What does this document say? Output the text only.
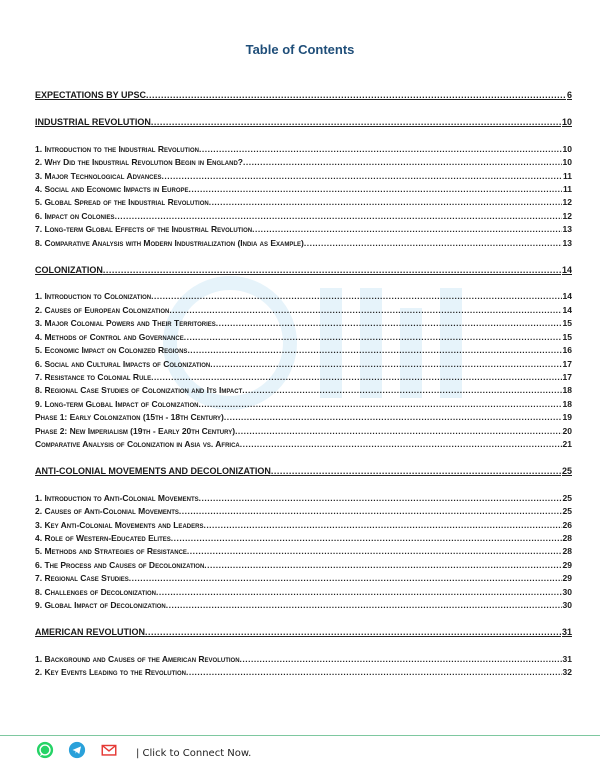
Table of Contents
EXPECTATIONS BY UPSC .....	6
INDUSTRIAL REVOLUTION .....	10
1. Introduction to the Industrial Revolution .....	10
2. Why Did the Industrial Revolution Begin in England? .....	10
3. Major Technological Advances .....	11
4. Social and Economic Impacts in Europe .....	11
5. Global Spread of the Industrial Revolution .....	12
6. Impact on Colonies .....	12
7. Long-term Global Effects of the Industrial Revolution .....	13
8. Comparative Analysis with Modern Industrialization (India as Example) .....	13
COLONIZATION .....	14
1. Introduction to Colonization .....	14
2. Causes of European Colonization .....	14
3. Major Colonial Powers and Their Territories .....	15
4. Methods of Control and Governance .....	15
5. Economic Impact on Colonized Regions .....	16
6. Social and Cultural Impacts of Colonization .....	17
7. Resistance to Colonial Rule .....	17
8. Regional Case Studies of Colonization and Its Impact .....	18
9. Long-term Global Impact of Colonization .....	18
Phase 1: Early Colonization (15th - 18th Century) .....	19
Phase 2: New Imperialism (19th - Early 20th Century) .....	20
Comparative Analysis of Colonization in Asia vs. Africa .....	21
ANTI-COLONIAL MOVEMENTS AND DECOLONIZATION .....	25
1. Introduction to Anti-Colonial Movements .....	25
2. Causes of Anti-Colonial Movements .....	25
3. Key Anti-Colonial Movements and Leaders .....	26
4. Role of Western-Educated Elites .....	28
5. Methods and Strategies of Resistance .....	28
6. The Process and Causes of Decolonization .....	29
7. Regional Case Studies .....	29
8. Challenges of Decolonization .....	30
9. Global Impact of Decolonization .....	30
AMERICAN REVOLUTION .....	31
1. Background and Causes of the American Revolution .....	31
2. Key Events Leading to the Revolution .....	32
| Click to Connect Now.
